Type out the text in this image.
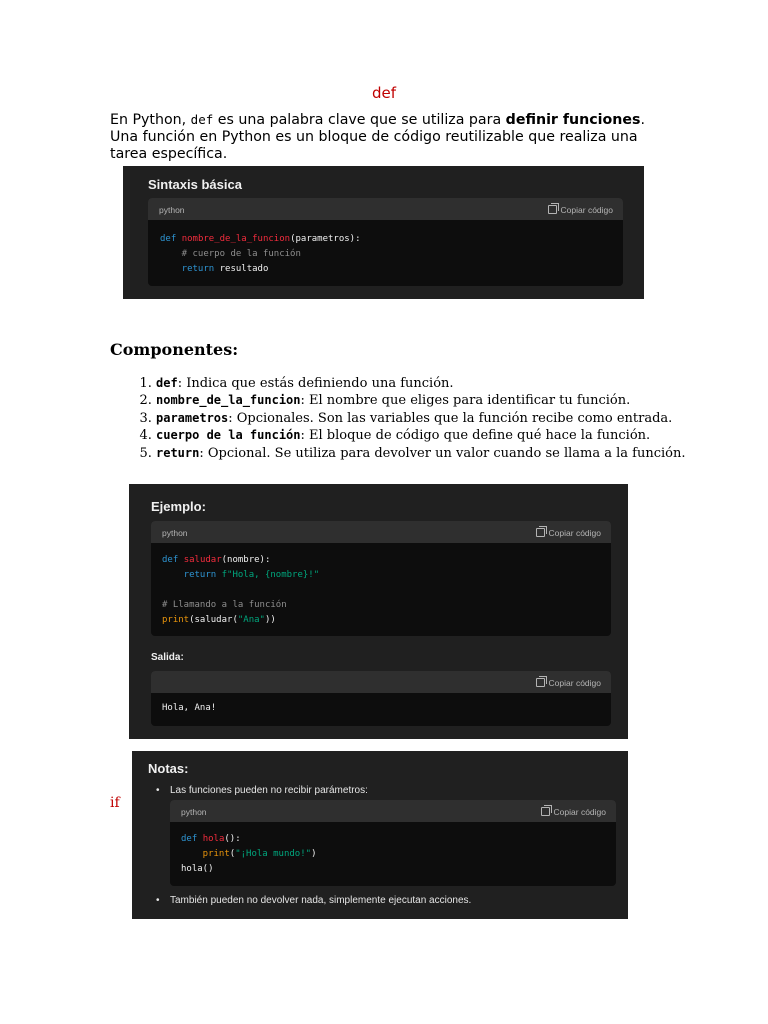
def
En Python, def es una palabra clave que se utiliza para definir funciones. Una función en Python es un bloque de código reutilizable que realiza una tarea específica.
Sintaxis básica
python	Copiar código
def nombre_de_la_funcion(parametros):
# cuerpo de la función
return resultado
Componentes:
1. def: Indica que estás definiendo una función.
2. nombre_de_la_funcion: El nombre que eliges para identificar tu función.
3. parametros: Opcionales. Son las variables que la función recibe como entrada.
4. cuerpo de la función: El bloque de código que define qué hace la función.
5. return: Opcional. Se utiliza para devolver un valor cuando se llama a la función.
Ejemplo:
python	Copiar código
def saludar(nombre):
return f"Hola, {nombre}!"

# Llamando a la función
print(saludar("Ana"))
Salida:
Copiar código
Hola, Ana!
if
Notas:
• Las funciones pueden no recibir parámetros:
python	Copiar código
def hola():
print("¡Hola mundo!")
hola()
• También pueden no devolver nada, simplemente ejecutan acciones.
